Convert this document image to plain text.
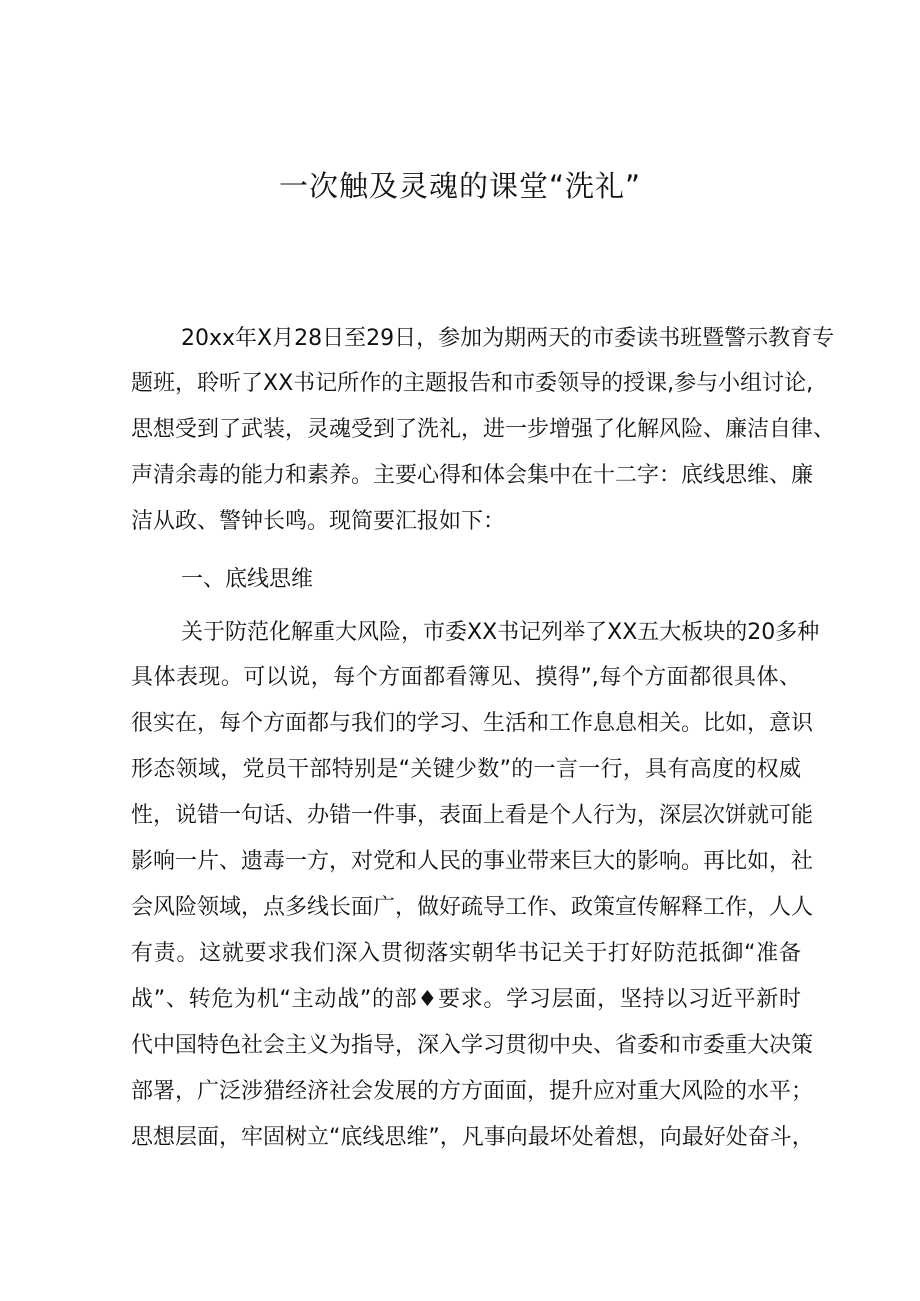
一次触及灵魂的课堂“洗礼”

20xx年X月28日至29日，参加为期两天的市委读书班暨警示教育专

题班，聆听了XX书记所作的主题报告和市委领导的授课,参与小组讨论,

思想受到了武装，灵魂受到了洗礼，进一步增强了化解风险、廉洁自律、

声清余毒的能力和素养。主要心得和体会集中在十二字：底线思维、廉

洁从政、警钟长鸣。现简要汇报如下：

一、底线思维

关于防范化解重大风险，市委XX书记列举了XX五大板块的20多种

具体表现。可以说，每个方面都看簿见、摸得”,每个方面都很具体、

很实在，每个方面都与我们的学习、生活和工作息息相关。比如，意识

形态领域，党员干部特别是“关键少数”的一言一行，具有高度的权威

性，说错一句话、办错一件事，表面上看是个人行为，深层次饼就可能

影响一片、遗毒一方，对党和人民的事业带来巨大的影响。再比如，社

会风险领域，点多线长面广，做好疏导工作、政策宣传解释工作，人人

有责。这就要求我们深入贯彻落实朝华书记关于打好防范抵御“准备

战”、转危为机“主动战”的部♦要求。学习层面，坚持以习近平新时

代中国特色社会主义为指导，深入学习贯彻中央、省委和市委重大决策

部署，广泛涉猎经济社会发展的方方面面，提升应对重大风险的水平；

思想层面，牢固树立“底线思维”，凡事向最坏处着想，向最好处奋斗，
